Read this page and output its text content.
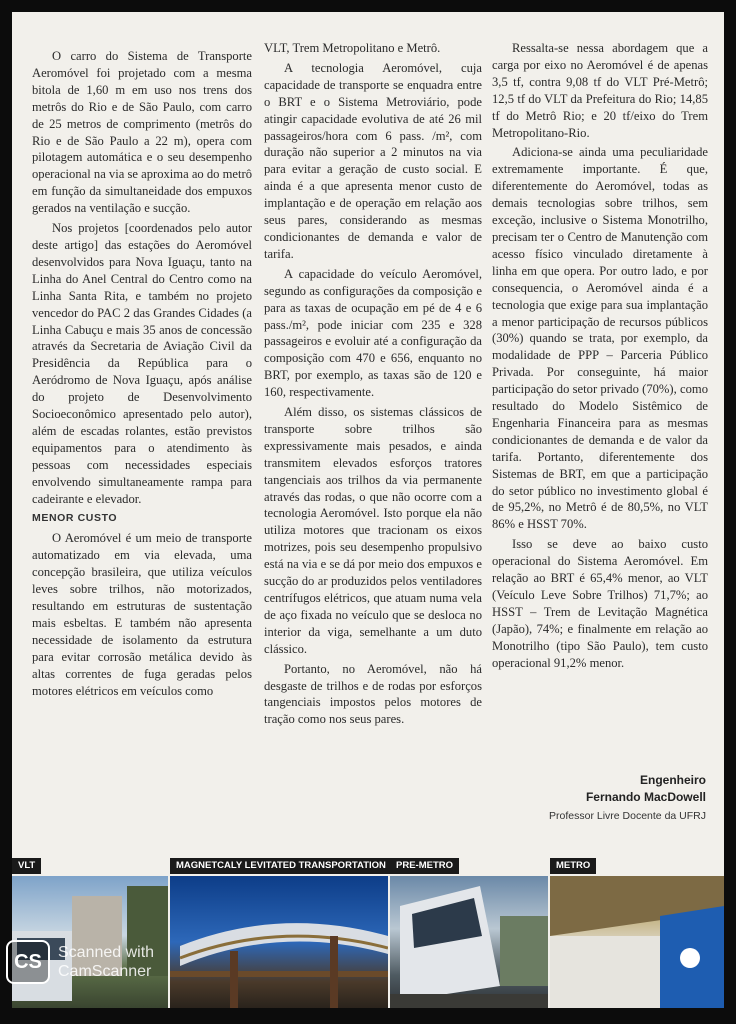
O carro do Sistema de Transporte Aeromóvel foi projetado com a mesma bitola de 1,60 m em uso nos trens dos metrôs do Rio e de São Paulo, com carro de 25 metros de comprimento (metrôs do Rio e de São Paulo a 22 m), opera com pilotagem automática e o seu desempenho operacional na via se aproxima ao do metrô em função da simultaneidade dos empuxos gerados na ventilação e sucção.

Nos projetos [coordenados pelo autor deste artigo] das estações do Aeromóvel desenvolvidos para Nova Iguaçu, tanto na Linha do Anel Central do Centro como na Linha Santa Rita, e também no projeto vencedor do PAC 2 das Grandes Cidades (a Linha Cabuçu e mais 35 anos de concessão através da Secretaria de Aviação Civil da Presidência da República para o Aeródromo de Nova Iguaçu, após análise do projeto de Desenvolvimento Socioeconômico apresentado pelo autor), além de escadas rolantes, estão previstos equipamentos para o atendimento às pessoas com necessidades especiais envolvendo simultaneamente rampa para cadeirante e elevador.

MENOR CUSTO

O Aeromóvel é um meio de transporte automatizado em via elevada, uma concepção brasileira, que utiliza veículos leves sobre trilhos, não motorizados, resultando em estruturas de sustentação mais esbeltas. E também não apresenta necessidade de isolamento da estrutura para evitar corrosão metálica devido às altas correntes de fuga geradas pelos motores elétricos em veículos como

VLT, Trem Metropolitano e Metrô.

A tecnologia Aeromóvel, cuja capacidade de transporte se enquadra entre o BRT e o Sistema Metroviário, pode atingir capacidade evolutiva de até 26 mil passageiros/hora com 6 pass. /m², com duração não superior a 2 minutos na via para evitar a geração de custo social. E ainda é a que apresenta menor custo de implantação e de operação em relação aos seus pares, considerando as mesmas condicionantes de demanda e valor de tarifa.

A capacidade do veículo Aeromóvel, segundo as configurações da composição e para as taxas de ocupação em pé de 4 e 6 pass./m², pode iniciar com 235 e 328 passageiros e evoluir até a configuração da composição com 470 e 656, enquanto no BRT, por exemplo, as taxas são de 120 e 160, respectivamente.

Além disso, os sistemas clássicos de transporte sobre trilhos são expressivamente mais pesados, e ainda transmitem elevados esforços tratores tangenciais aos trilhos da via permanente através das rodas, o que não ocorre com a tecnologia Aeromóvel. Isto porque ela não utiliza motores que tracionam os eixos motrizes, pois seu desempenho propulsivo está na via e se dá por meio dos empuxos e sucção do ar produzidos pelos ventiladores centrífugos elétricos, que atuam numa vela de aço fixada no veículo que se desloca no interior da viga, semelhante a um duto clássico.

Portanto, no Aeromóvel, não há desgaste de trilhos e de rodas por esforços tangenciais impostos pelos motores de tração como nos seus pares.

Ressalta-se nessa abordagem que a carga por eixo no Aeromóvel é de apenas 3,5 tf, contra 9,08 tf do VLT Pré-Metrô; 12,5 tf do VLT da Prefeitura do Rio; 14,85 tf do Metrô Rio; e 20 tf/eixo do Trem Metropolitano-Rio.

Adiciona-se ainda uma peculiaridade extremamente importante. É que, diferentemente do Aeromóvel, todas as demais tecnologias sobre trilhos, sem exceção, inclusive o Sistema Monotrilho, precisam ter o Centro de Manutenção com acesso físico vinculado diretamente à linha em que opera. Por outro lado, e por consequencia, o Aeromóvel ainda é a tecnologia que exige para sua implantação a menor participação de recursos públicos (30%) quando se trata, por exemplo, da modalidade de PPP – Parceria Público Privada. Por conseguinte, há maior participação do setor privado (70%), como resultado do Modelo Sistêmico de Engenharia Financeira para as mesmas condicionantes de demanda e de valor da tarifa. Portanto, diferentemente dos Sistemas de BRT, em que a participação do setor público no investimento global é de 95,2%, no Metrô é de 80,5%, no VLT 86% e HSST 70%.

Isso se deve ao baixo custo operacional do Sistema Aeromóvel. Em relação ao BRT é 65,4% menor, ao VLT (Veículo Leve Sobre Trilhos) 71,7%; ao HSST – Trem de Levitação Magnética (Japão), 74%; e finalmente em relação ao Monotrilho (tipo São Paulo), tem custo operacional 91,2% menor.

Engenheiro
Fernando MacDowell
Professor Livre Docente da UFRJ
VLT	MAGNETCALY LEVITATED TRANSPORTATION	PRE-METRO	METRO
CS	Scanned with
CamScanner
